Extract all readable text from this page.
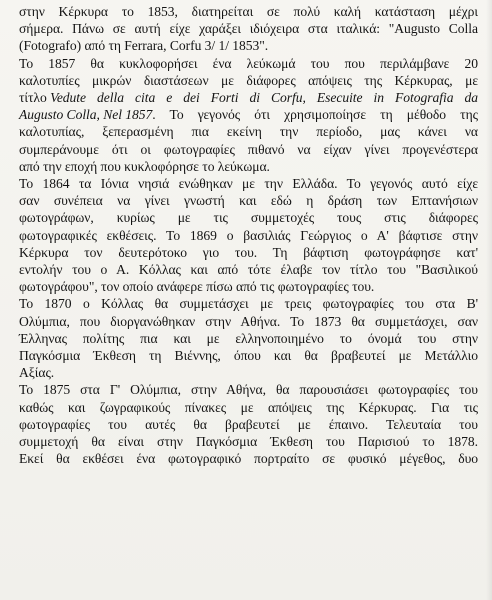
στην Κέρκυρα το 1853, διατηρείται σε πολύ καλή κατάσταση μέχρι
σήμερα. Πάνω σε αυτή είχε χαράξει ιδιόχειρα στα ιταλικά: "Augusto Colla
(Fotografo) από τη Ferrara, Corfu 3/ 1/ 1853".

Το 1857 θα κυκλοφορήσει ένα λεύκωμά του που περιλάμβανε 20
καλοτυπίες μικρών διαστάσεων με διάφορες απόψεις της Κέρκυρας, με
τίτλο Vedute della cita e dei Forti di Corfu, Esecuite in Fotografia da
Augusto Colla, Nel 1857 . Το γεγονός ότι χρησιμοποίησε τη μέθοδο της
καλοτυπίας, ξεπερασμένη πια εκείνη την περίοδο, μας κάνει να
συμπεράνουμε ότι οι φωτογραφίες πιθανό να είχαν γίνει προγενέστερα
από την εποχή που κυκλοφόρησε το λεύκωμα.

Το 1864 τα Ιόνια νησιά ενώθηκαν με την Ελλάδα. Το γεγονός αυτό είχε
σαν συνέπεια να γίνει γνωστή και εδώ η δράση των Επτανήσιων
φωτογράφων, κυρίως με τις συμμετοχές τους στις διάφορες
φωτογραφικές εκθέσεις. Το 1869 ο βασιλιάς Γεώργιος ο Α' βάφτισε στην
Κέρκυρα τον δευτερότοκο γιο του. Τη βάφτιση φωτογράφησε κατ'
εντολήν του ο Α. Κόλλας και από τότε έλαβε τον τίτλο του "Βασιλικού
φωτογράφου", τον οποίο ανάφερε πίσω από τις φωτογραφίες του.

Το 1870 ο Κόλλας θα συμμετάσχει με τρεις φωτογραφίες του στα Β'
Ολύμπια, που διοργανώθηκαν στην Αθήνα. Το 1873 θα συμμετάσχει, σαν
Έλληνας πολίτης πια και με ελληνοποιημένο το όνομά του στην
Παγκόσμια Έκθεση τη Βιέννης, όπου και θα βραβευτεί με Μετάλλιο
Αξίας.

Το 1875 στα Γ' Ολύμπια, στην Αθήνα, θα παρουσιάσει φωτογραφίες του
καθώς και ζωγραφικούς πίνακες με απόψεις της Κέρκυρας. Για τις
φωτογραφίες του αυτές θα βραβευτεί με έπαινο. Τελευταία του
συμμετοχή θα είναι στην Παγκόσμια Έκθεση του Παρισιού το 1878.
Εκεί θα εκθέσει ένα φωτογραφικό πορτραίτο σε φυσικό μέγεθος, δυο
